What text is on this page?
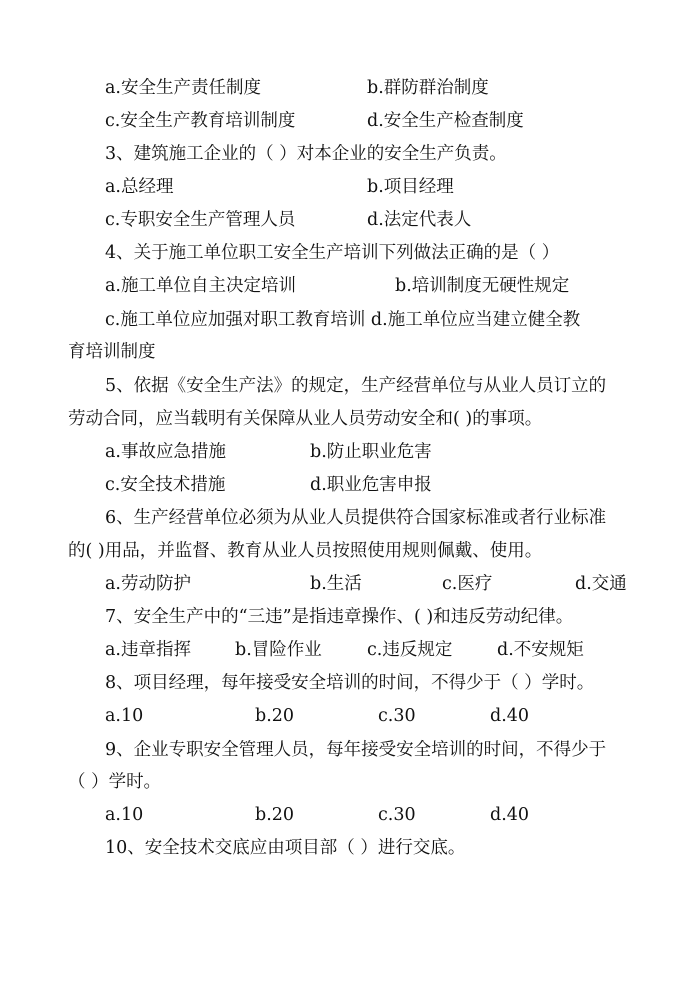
a.安全生产责任制度	b.群防群治制度
c.安全生产教育培训制度	d.安全生产检查制度
3、建筑施工企业的（ ）对本企业的安全生产负责。
a.总经理	b.项目经理
c.专职安全生产管理人员	d.法定代表人
4、关于施工单位职工安全生产培训下列做法正确的是（ ）
a.施工单位自主决定培训	b.培训制度无硬性规定
c.施工单位应加强对职工教育培训 d.施工单位应当建立健全教
育培训制度
5、依据《安全生产法》的规定，生产经营单位与从业人员订立的
劳动合同，应当载明有关保障从业人员劳动安全和( )的事项。
a.事故应急措施	b.防止职业危害
c.安全技术措施	d.职业危害申报
6、生产经营单位必须为从业人员提供符合国家标准或者行业标准
的( )用品，并监督、教育从业人员按照使用规则佩戴、使用。
a.劳动防护	b.生活	c.医疗	d.交通
7、安全生产中的“三违”是指违章操作、( )和违反劳动纪律。
a.违章指挥	b.冒险作业	c.违反规定	d.不安规矩
8、项目经理，每年接受安全培训的时间，不得少于（ ）学时。
a.10	b.20	c.30	d.40
9、企业专职安全管理人员，每年接受安全培训的时间，不得少于
（ ）学时。
a.10	b.20	c.30	d.40
10、安全技术交底应由项目部（ ）进行交底。
